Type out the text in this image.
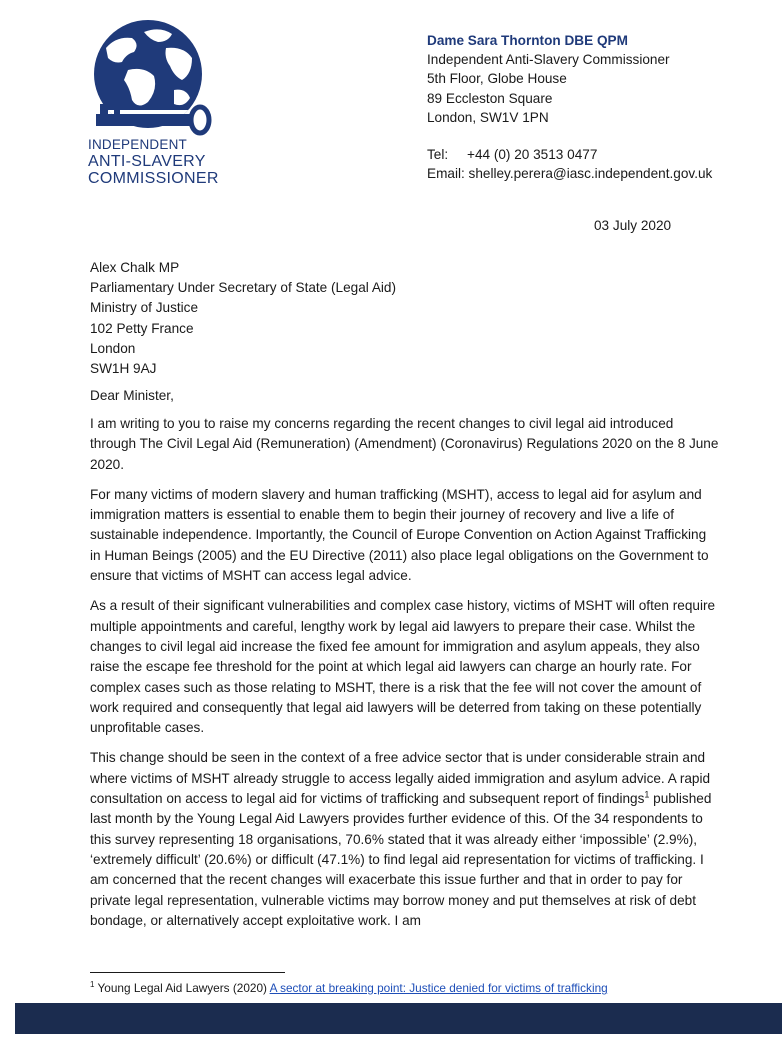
INDEPENDENT
ANTI-SLAVERY
COMMISSIONER
Dame Sara Thornton DBE QPM
Independent Anti-Slavery Commissioner
5th Floor, Globe House
89 Eccleston Square
London, SW1V 1PN
Tel: +44 (0) 20 3513 0477
Email: shelley.perera@iasc.independent.gov.uk
03 July 2020
Alex Chalk MP
Parliamentary Under Secretary of State (Legal Aid)
Ministry of Justice
102 Petty France
London
SW1H 9AJ
Dear Minister,

I am writing to you to raise my concerns regarding the recent changes to civil legal aid introduced through The Civil Legal Aid (Remuneration) (Amendment) (Coronavirus) Regulations 2020 on the 8 June 2020.

For many victims of modern slavery and human trafficking (MSHT), access to legal aid for asylum and immigration matters is essential to enable them to begin their journey of recovery and live a life of sustainable independence. Importantly, the Council of Europe Convention on Action Against Trafficking in Human Beings (2005) and the EU Directive (2011) also place legal obligations on the Government to ensure that victims of MSHT can access legal advice.

As a result of their significant vulnerabilities and complex case history, victims of MSHT will often require multiple appointments and careful, lengthy work by legal aid lawyers to prepare their case. Whilst the changes to civil legal aid increase the fixed fee amount for immigration and asylum appeals, they also raise the escape fee threshold for the point at which legal aid lawyers can charge an hourly rate. For complex cases such as those relating to MSHT, there is a risk that the fee will not cover the amount of work required and consequently that legal aid lawyers will be deterred from taking on these potentially unprofitable cases.

This change should be seen in the context of a free advice sector that is under considerable strain and where victims of MSHT already struggle to access legally aided immigration and asylum advice. A rapid consultation on access to legal aid for victims of trafficking and subsequent report of findings$^1$ published last month by the Young Legal Aid Lawyers provides further evidence of this. Of the 34 respondents to this survey representing 18 organisations, 70.6% stated that it was already either ‘impossible’ (2.9%), ‘extremely difficult’ (20.6%) or difficult (47.1%) to find legal aid representation for victims of trafficking. I am concerned that the recent changes will exacerbate this issue further and that in order to pay for private legal representation, vulnerable victims may borrow money and put themselves at risk of debt bondage, or alternatively accept exploitative work. I am

$^1$ Young Legal Aid Lawyers (2020) A sector at breaking point: Justice denied for victims of trafficking
